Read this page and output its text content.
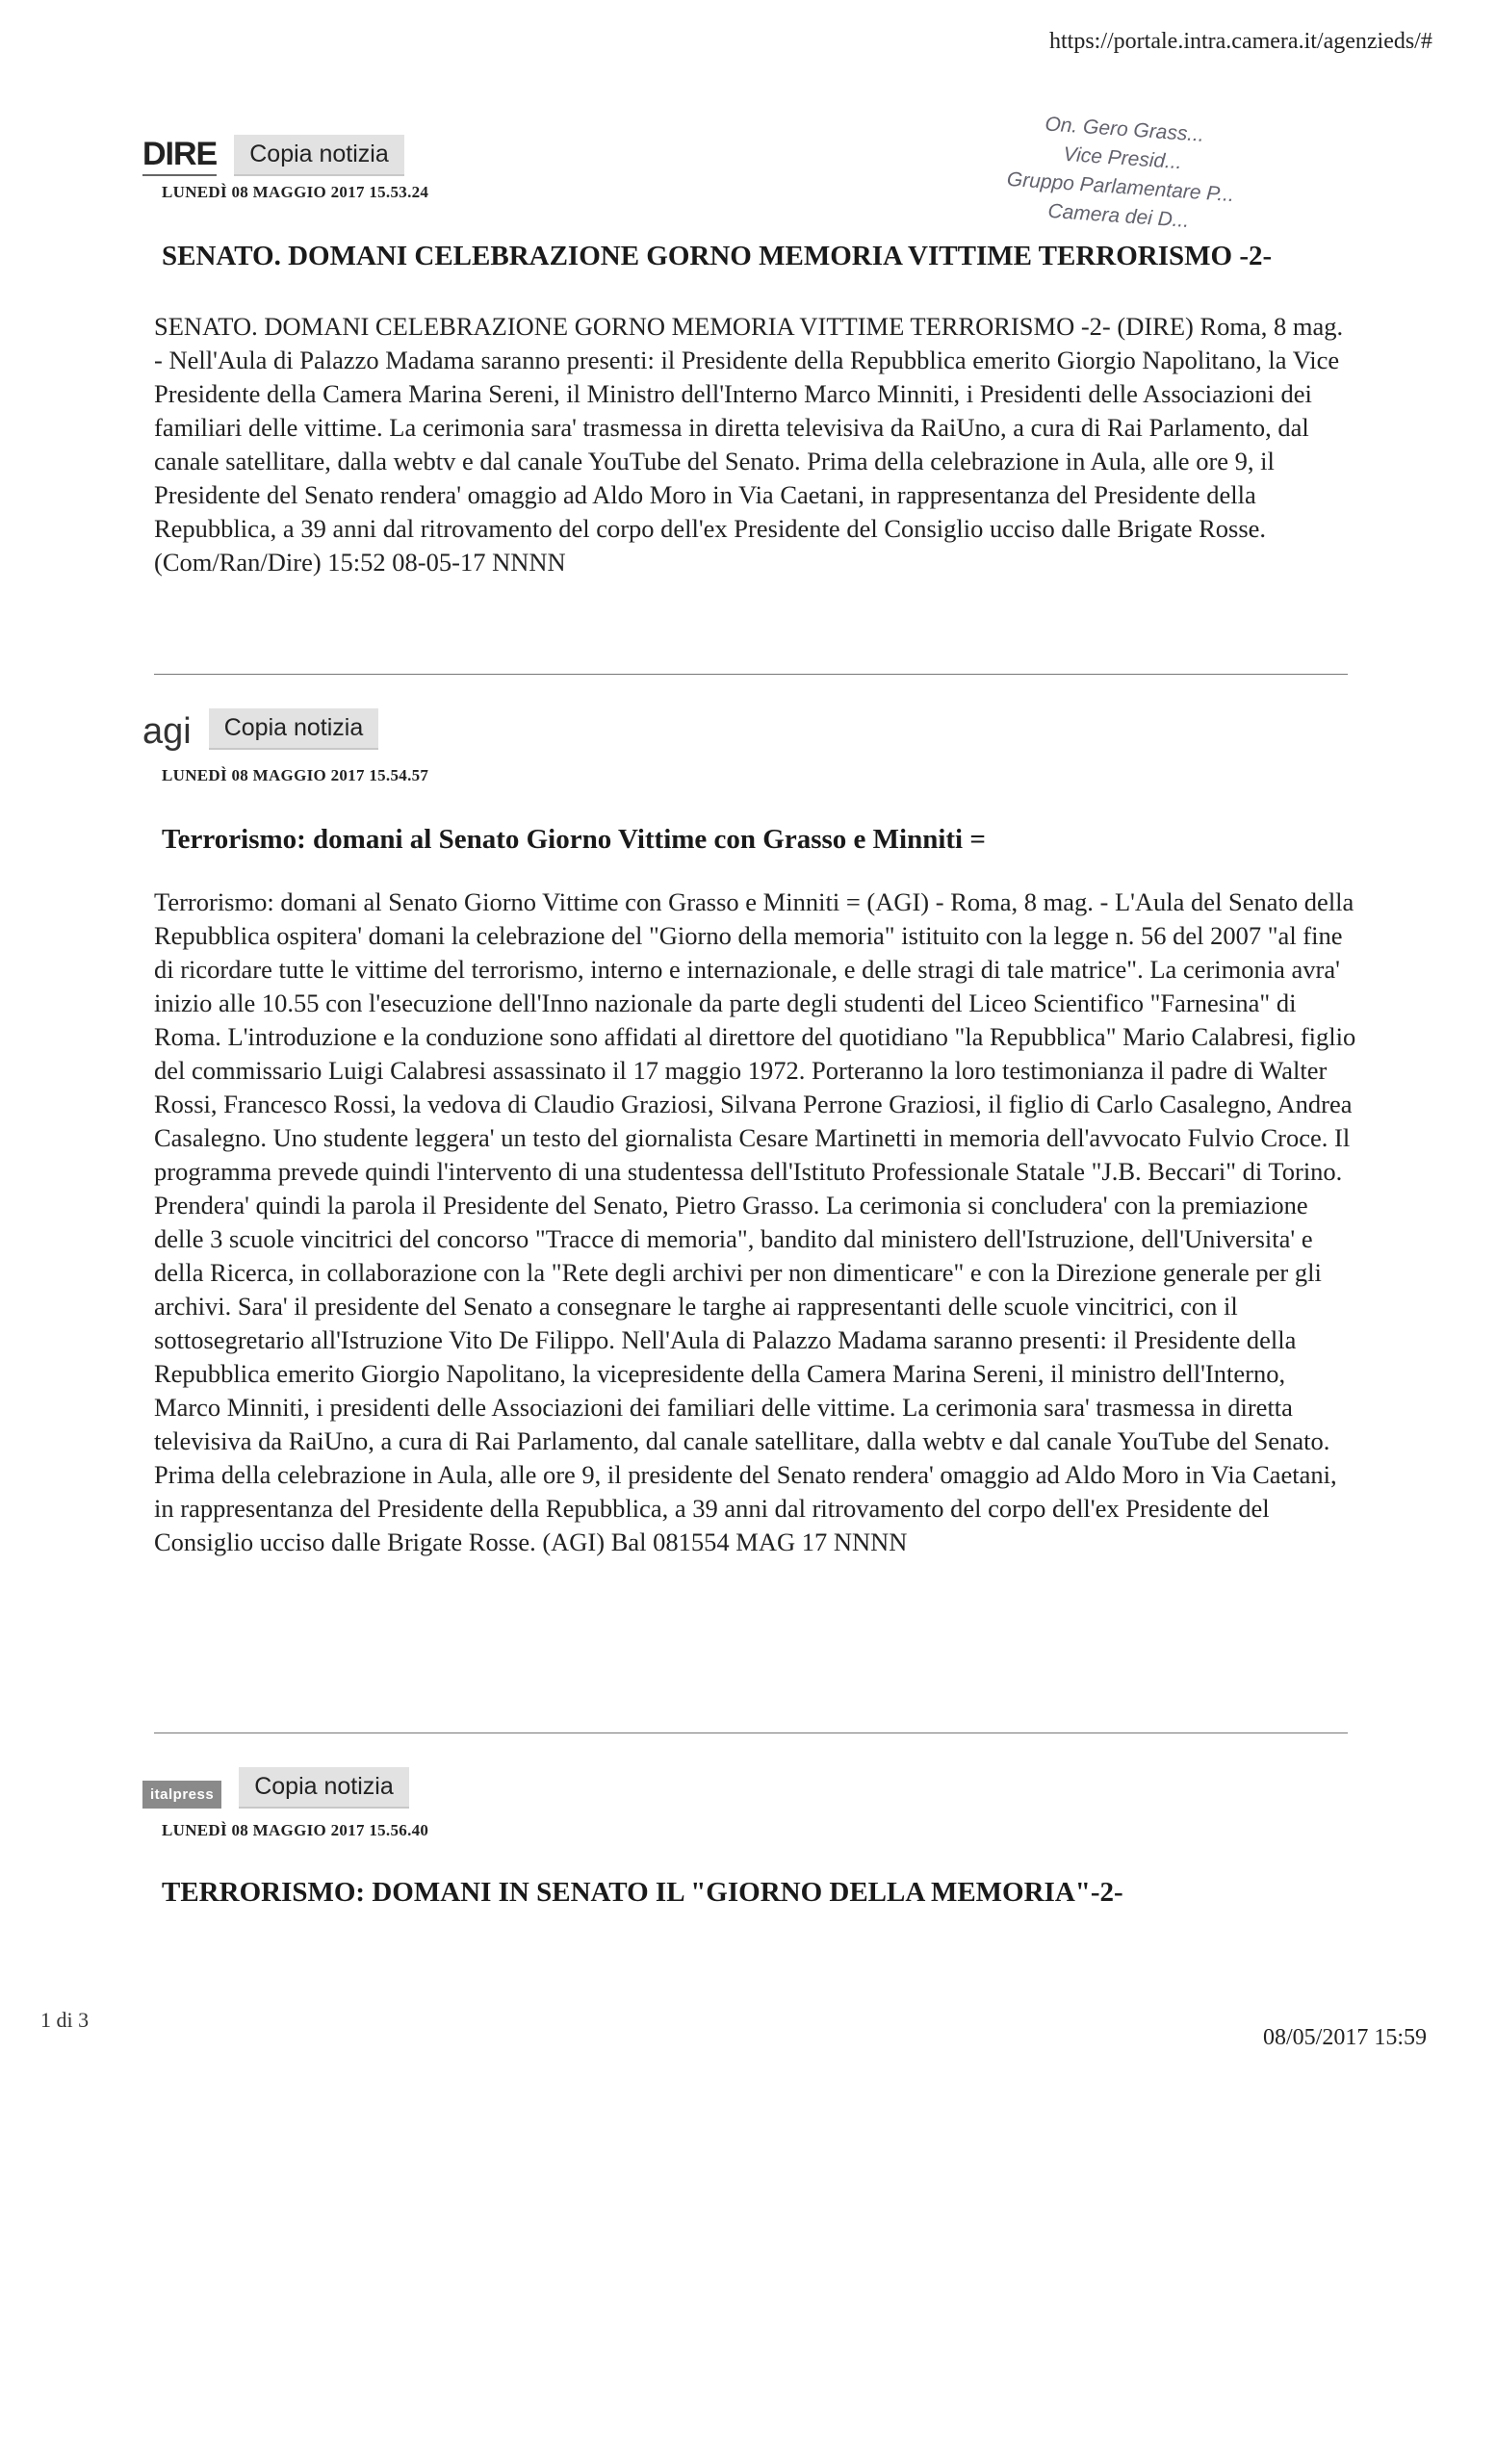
https://portale.intra.camera.it/agenzieds/#
On. Gero Grass...
Vice Presid...
Gruppo Parlamentare P...
Camera dei D...
DIRE	Copia notizia
LUNEDÌ 08 MAGGIO 2017 15.53.24
SENATO. DOMANI CELEBRAZIONE GORNO MEMORIA VITTIME TERRORISMO -2-
SENATO. DOMANI CELEBRAZIONE GORNO MEMORIA VITTIME TERRORISMO -2- (DIRE) Roma, 8 mag. - Nell'Aula di Palazzo Madama saranno presenti: il Presidente della Repubblica emerito Giorgio Napolitano, la Vice Presidente della Camera Marina Sereni, il Ministro dell'Interno Marco Minniti, i Presidenti delle Associazioni dei familiari delle vittime. La cerimonia sara' trasmessa in diretta televisiva da RaiUno, a cura di Rai Parlamento, dal canale satellitare, dalla webtv e dal canale YouTube del Senato. Prima della celebrazione in Aula, alle ore 9, il Presidente del Senato rendera' omaggio ad Aldo Moro in Via Caetani, in rappresentanza del Presidente della Repubblica, a 39 anni dal ritrovamento del corpo dell'ex Presidente del Consiglio ucciso dalle Brigate Rosse. (Com/Ran/Dire) 15:52 08-05-17 NNNN
agi	Copia notizia
LUNEDÌ 08 MAGGIO 2017 15.54.57
Terrorismo: domani al Senato Giorno Vittime con Grasso e Minniti =
Terrorismo: domani al Senato Giorno Vittime con Grasso e Minniti = (AGI) - Roma, 8 mag. - L'Aula del Senato della Repubblica ospitera' domani la celebrazione del "Giorno della memoria" istituito con la legge n. 56 del 2007 "al fine di ricordare tutte le vittime del terrorismo, interno e internazionale, e delle stragi di tale matrice". La cerimonia avra' inizio alle 10.55 con l'esecuzione dell'Inno nazionale da parte degli studenti del Liceo Scientifico "Farnesina" di Roma. L'introduzione e la conduzione sono affidati al direttore del quotidiano "la Repubblica" Mario Calabresi, figlio del commissario Luigi Calabresi assassinato il 17 maggio 1972. Porteranno la loro testimonianza il padre di Walter Rossi, Francesco Rossi, la vedova di Claudio Graziosi, Silvana Perrone Graziosi, il figlio di Carlo Casalegno, Andrea Casalegno. Uno studente leggera' un testo del giornalista Cesare Martinetti in memoria dell'avvocato Fulvio Croce. Il programma prevede quindi l'intervento di una studentessa dell'Istituto Professionale Statale "J.B. Beccari" di Torino. Prendera' quindi la parola il Presidente del Senato, Pietro Grasso. La cerimonia si concludera' con la premiazione delle 3 scuole vincitrici del concorso "Tracce di memoria", bandito dal ministero dell'Istruzione, dell'Universita' e della Ricerca, in collaborazione con la "Rete degli archivi per non dimenticare" e con la Direzione generale per gli archivi. Sara' il presidente del Senato a consegnare le targhe ai rappresentanti delle scuole vincitrici, con il sottosegretario all'Istruzione Vito De Filippo. Nell'Aula di Palazzo Madama saranno presenti: il Presidente della Repubblica emerito Giorgio Napolitano, la vicepresidente della Camera Marina Sereni, il ministro dell'Interno, Marco Minniti, i presidenti delle Associazioni dei familiari delle vittime. La cerimonia sara' trasmessa in diretta televisiva da RaiUno, a cura di Rai Parlamento, dal canale satellitare, dalla webtv e dal canale YouTube del Senato. Prima della celebrazione in Aula, alle ore 9, il presidente del Senato rendera' omaggio ad Aldo Moro in Via Caetani, in rappresentanza del Presidente della Repubblica, a 39 anni dal ritrovamento del corpo dell'ex Presidente del Consiglio ucciso dalle Brigate Rosse. (AGI) Bal 081554 MAG 17 NNNN
italpress	Copia notizia
LUNEDÌ 08 MAGGIO 2017 15.56.40
TERRORISMO: DOMANI IN SENATO IL "GIORNO DELLA MEMORIA"-2-
1 di 3
08/05/2017 15:59
